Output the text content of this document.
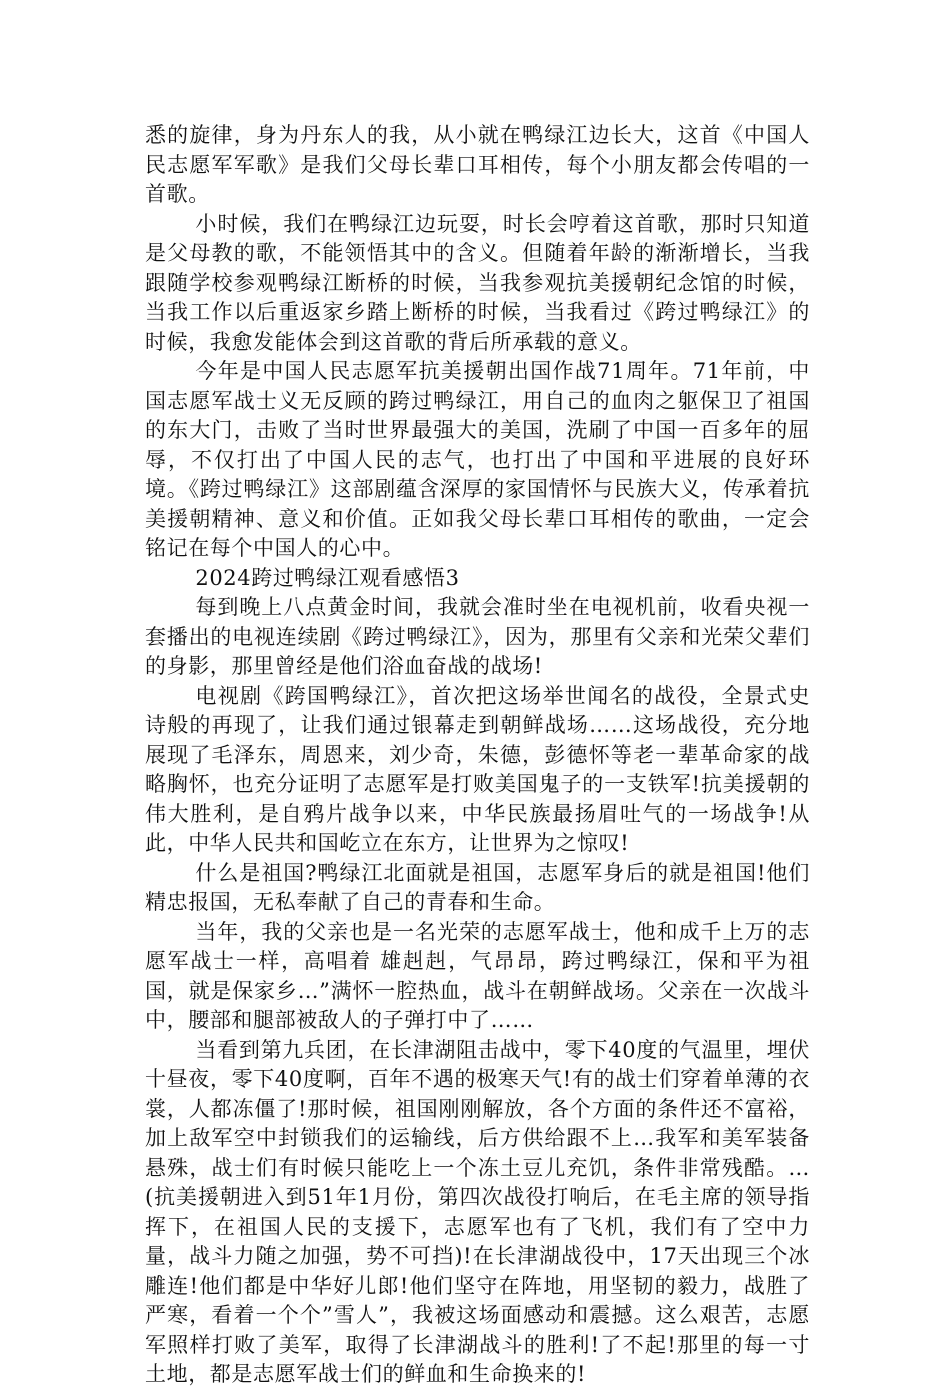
悉的旋律，身为丹东人的我，从小就在鸭绿江边长大，这首《中国人民志愿军军歌》是我们父母长辈口耳相传，每个小朋友都会传唱的一首歌。

小时候，我们在鸭绿江边玩耍，时长会哼着这首歌，那时只知道是父母教的歌，不能领悟其中的含义。但随着年龄的渐渐增长，当我跟随学校参观鸭绿江断桥的时候，当我参观抗美援朝纪念馆的时候，当我工作以后重返家乡踏上断桥的时候，当我看过《跨过鸭绿江》的时候，我愈发能体会到这首歌的背后所承载的意义。

今年是中国人民志愿军抗美援朝出国作战71周年。71年前，中国志愿军战士义无反顾的跨过鸭绿江，用自己的血肉之躯保卫了祖国的东大门，击败了当时世界最强大的美国，洗刷了中国一百多年的屈辱，不仅打出了中国人民的志气，也打出了中国和平进展的良好环境。《跨过鸭绿江》这部剧蕴含深厚的家国情怀与民族大义，传承着抗美援朝精神、意义和价值。正如我父母长辈口耳相传的歌曲，一定会铭记在每个中国人的心中。

2024跨过鸭绿江观看感悟3

每到晚上八点黄金时间，我就会准时坐在电视机前，收看央视一套播出的电视连续剧《跨过鸭绿江》，因为，那里有父亲和光荣父辈们的身影，那里曾经是他们浴血奋战的战场!

电视剧《跨国鸭绿江》，首次把这场举世闻名的战役，全景式史诗般的再现了，让我们通过银幕走到朝鲜战场……这场战役，充分地展现了毛泽东，周恩来，刘少奇，朱德，彭德怀等老一辈革命家的战略胸怀，也充分证明了志愿军是打败美国鬼子的一支铁军!抗美援朝的伟大胜利，是自鸦片战争以来，中华民族最扬眉吐气的一场战争!从此，中华人民共和国屹立在东方，让世界为之惊叹!

什么是祖国?鸭绿江北面就是祖国，志愿军身后的就是祖国!他们精忠报国，无私奉献了自己的青春和生命。

当年，我的父亲也是一名光荣的志愿军战士，他和成千上万的志愿军战士一样，高唱着 雄赳赳，气昂昂，跨过鸭绿江，保和平为祖国，就是保家乡…”满怀一腔热血，战斗在朝鲜战场。父亲在一次战斗中，腰部和腿部被敌人的子弹打中了……

当看到第九兵团，在长津湖阻击战中，零下40度的气温里，埋伏十昼夜，零下40度啊，百年不遇的极寒天气!有的战士们穿着单薄的衣裳，人都冻僵了!那时候，祖国刚刚解放，各个方面的条件还不富裕，加上敌军空中封锁我们的运输线，后方供给跟不上…我军和美军装备悬殊，战士们有时候只能吃上一个冻土豆儿充饥，条件非常残酷。…(抗美援朝进入到51年1月份，第四次战役打响后，在毛主席的领导指挥下，在祖国人民的支援下，志愿军也有了飞机，我们有了空中力量，战斗力随之加强，势不可挡)!在长津湖战役中，17天出现三个冰雕连!他们都是中华好儿郎!他们坚守在阵地，用坚韧的毅力，战胜了严寒，看着一个个”雪人”，我被这场面感动和震撼。这么艰苦，志愿军照样打败了美军，取得了长津湖战斗的胜利!了不起!那里的每一寸土地，都是志愿军战士们的鲜血和生命换来的!
